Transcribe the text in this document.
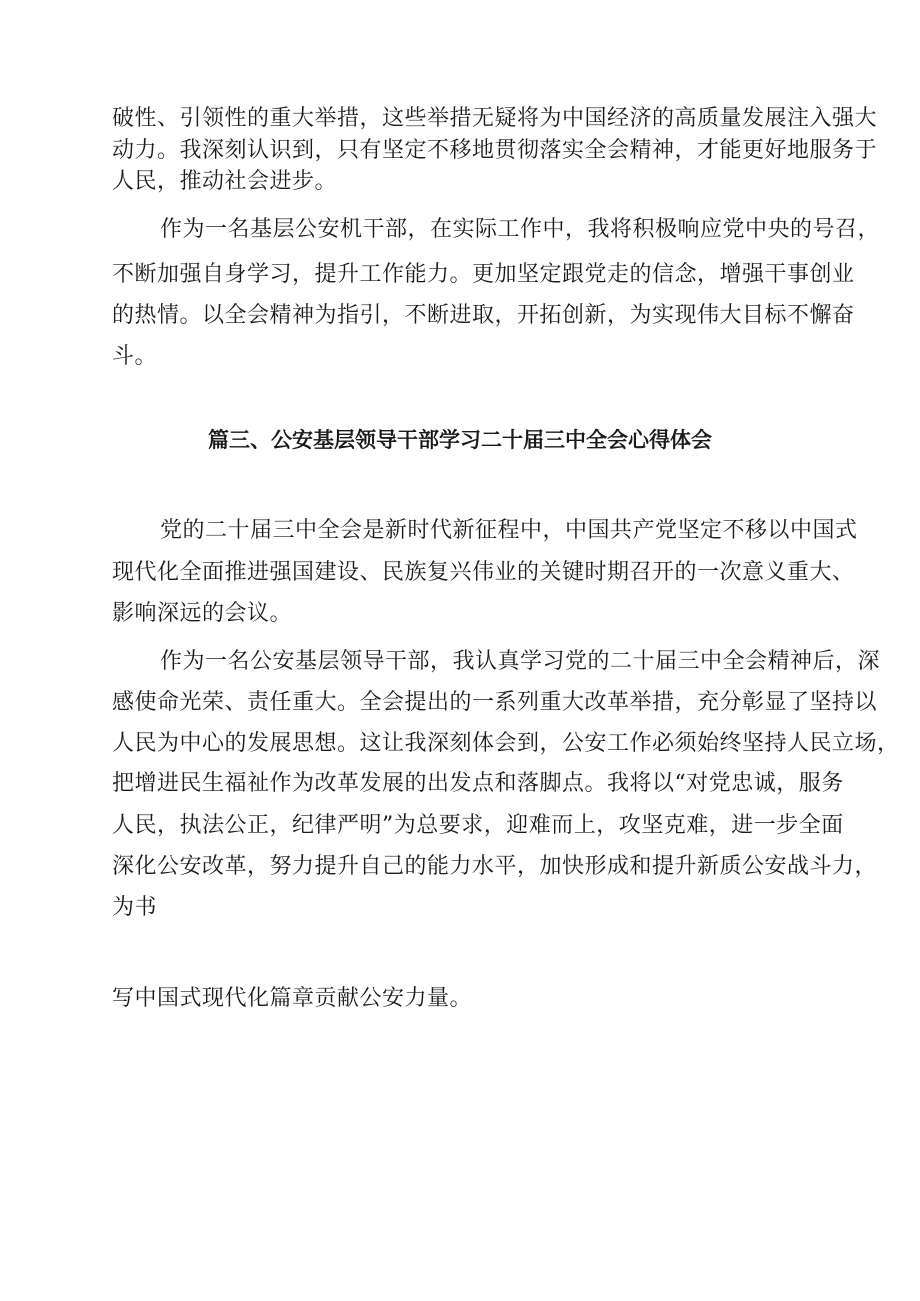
破性、引领性的重大举措，这些举措无疑将为中国经济的高质量发展注入强大
动力。我深刻认识到，只有坚定不移地贯彻落实全会精神，才能更好地服务于
人民，推动社会进步。
作为一名基层公安机干部，在实际工作中，我将积极响应党中央的号召，
不断加强自身学习，提升工作能力。更加坚定跟党走的信念，增强干事创业
的热情。以全会精神为指引，不断进取，开拓创新，为实现伟大目标不懈奋
斗。
篇三、公安基层领导干部学习二十届三中全会心得体会
党的二十届三中全会是新时代新征程中，中国共产党坚定不移以中国式
现代化全面推进强国建设、民族复兴伟业的关键时期召开的一次意义重大、
影响深远的会议。
作为一名公安基层领导干部，我认真学习党的二十届三中全会精神后，深
感使命光荣、责任重大。全会提出的一系列重大改革举措，充分彰显了坚持以
人民为中心的发展思想。这让我深刻体会到，公安工作必须始终坚持人民立场，
把增进民生福祉作为改革发展的出发点和落脚点。我将以“对党忠诚，服务
人民，执法公正，纪律严明”为总要求，迎难而上，攻坚克难，进一步全面
深化公安改革，努力提升自己的能力水平，加快形成和提升新质公安战斗力，
为书
写中国式现代化篇章贡献公安力量。
